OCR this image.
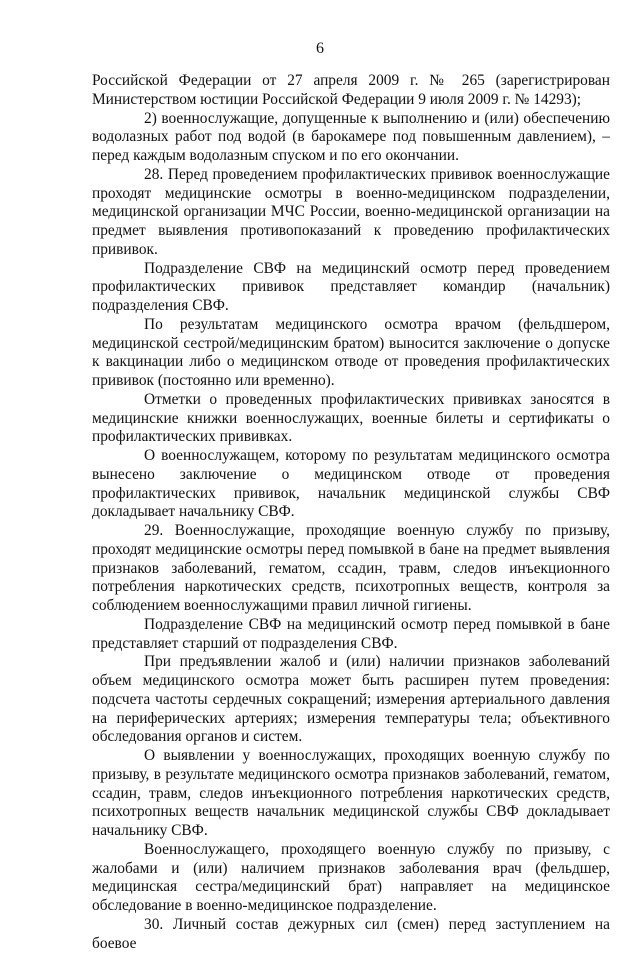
6

Российской Федерации от 27 апреля 2009 г. № 265 (зарегистрирован Министерством юстиции Российской Федерации 9 июля 2009 г. № 14293);

2) военнослужащие, допущенные к выполнению и (или) обеспечению водолазных работ под водой (в барокамере под повышенным давлением), – перед каждым водолазным спуском и по его окончании.

28. Перед проведением профилактических прививок военнослужащие проходят медицинские осмотры в военно-медицинском подразделении, медицинской организации МЧС России, военно-медицинской организации на предмет выявления противопоказаний к проведению профилактических прививок.

Подразделение СВФ на медицинский осмотр перед проведением профилактических прививок представляет командир (начальник) подразделения СВФ.

По результатам медицинского осмотра врачом (фельдшером, медицинской сестрой/медицинским братом) выносится заключение о допуске к вакцинации либо о медицинском отводе от проведения профилактических прививок (постоянно или временно).

Отметки о проведенных профилактических прививках заносятся в медицинские книжки военнослужащих, военные билеты и сертификаты о профилактических прививках.

О военнослужащем, которому по результатам медицинского осмотра вынесено заключение о медицинском отводе от проведения профилактических прививок, начальник медицинской службы СВФ докладывает начальнику СВФ.

29. Военнослужащие, проходящие военную службу по призыву, проходят медицинские осмотры перед помывкой в бане на предмет выявления признаков заболеваний, гематом, ссадин, травм, следов инъекционного потребления наркотических средств, психотропных веществ, контроля за соблюдением военнослужащими правил личной гигиены.

Подразделение СВФ на медицинский осмотр перед помывкой в бане представляет старший от подразделения СВФ.

При предъявлении жалоб и (или) наличии признаков заболеваний объем медицинского осмотра может быть расширен путем проведения: подсчета частоты сердечных сокращений; измерения артериального давления на периферических артериях; измерения температуры тела; объективного обследования органов и систем.

О выявлении у военнослужащих, проходящих военную службу по призыву, в результате медицинского осмотра признаков заболеваний, гематом, ссадин, травм, следов инъекционного потребления наркотических средств, психотропных веществ начальник медицинской службы СВФ докладывает начальнику СВФ.

Военнослужащего, проходящего военную службу по призыву, с жалобами и (или) наличием признаков заболевания врач (фельдшер, медицинская сестра/медицинский брат) направляет на медицинское обследование в военно-медицинское подразделение.

30. Личный состав дежурных сил (смен) перед заступлением на боевое
